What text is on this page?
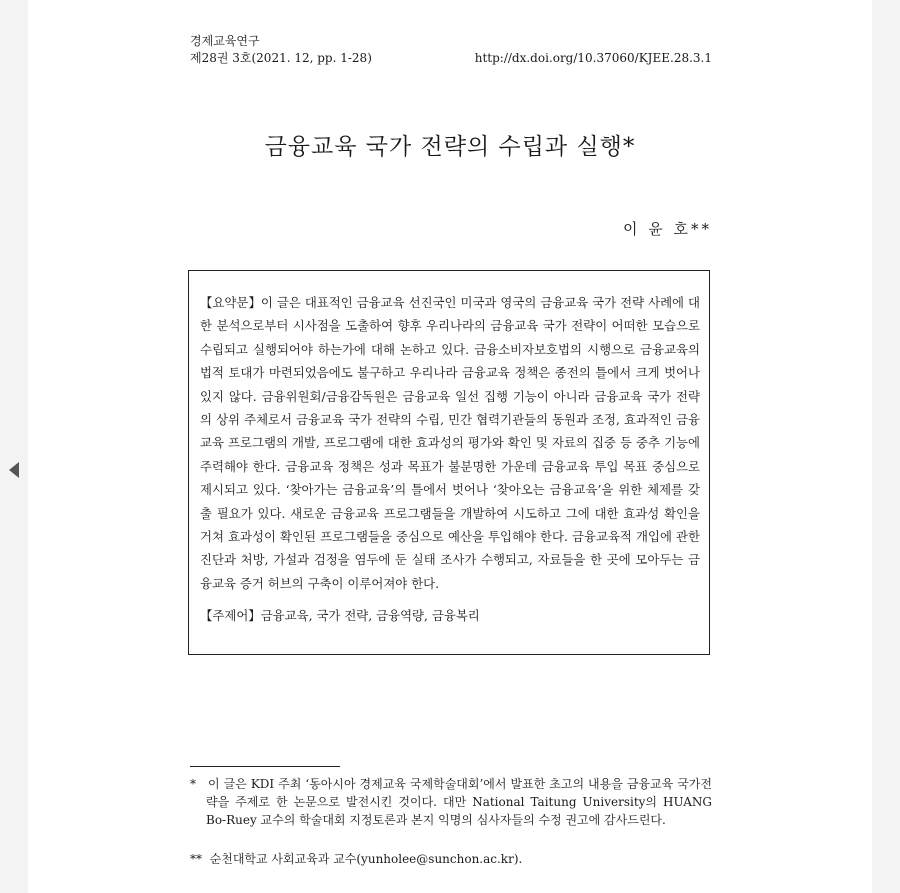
경제교육연구
제28권 3호(2021. 12, pp. 1-28)	http://dx.doi.org/10.37060/KJEE.28.3.1
금융교육 국가 전략의 수립과 실행*
이 윤 호**
【요약문】이 글은 대표적인 금융교육 선진국인 미국과 영국의 금융교육 국가 전략 사례에 대한 분석으로부터 시사점을 도출하여 향후 우리나라의 금융교육 국가 전략이 어떠한 모습으로 수립되고 실행되어야 하는가에 대해 논하고 있다. 금융소비자보호법의 시행으로 금융교육의 법적 토대가 마련되었음에도 불구하고 우리나라 금융교육 정책은 종전의 틀에서 크게 벗어나 있지 않다. 금융위원회/금융감독원은 금융교육 일선 집행 기능이 아니라 금융교육 국가 전략의 상위 주체로서 금융교육 국가 전략의 수립, 민간 협력기관들의 동원과 조정, 효과적인 금융교육 프로그램의 개발, 프로그램에 대한 효과성의 평가와 확인 및 자료의 집중 등 중추 기능에 주력해야 한다. 금융교육 정책은 성과 목표가 불분명한 가운데 금융교육 투입 목표 중심으로 제시되고 있다. ‘찾아가는 금융교육’의 틀에서 벗어나 ‘찾아오는 금융교육’을 위한 체제를 갖출 필요가 있다. 새로운 금융교육 프로그램들을 개발하여 시도하고 그에 대한 효과성 확인을 거쳐 효과성이 확인된 프로그램들을 중심으로 예산을 투입해야 한다. 금융교육적 개입에 관한 진단과 처방, 가설과 검정을 염두에 둔 실태 조사가 수행되고, 자료들을 한 곳에 모아두는 금융교육 증거 허브의 구축이 이루어져야 한다.
【주제어】금융교육, 국가 전략, 금융역량, 금융복리
* 이 글은 KDI 주최 ‘동아시아 경제교육 국제학술대회’에서 발표한 초고의 내용을 금융교육 국가전략을 주제로 한 논문으로 발전시킨 것이다. 대만 National Taitung University의 HUANG Bo-Ruey 교수의 학술대회 지정토론과 본지 익명의 심사자들의 수정 권고에 감사드린다.
** 순천대학교 사회교육과 교수(yunholee@sunchon.ac.kr).
